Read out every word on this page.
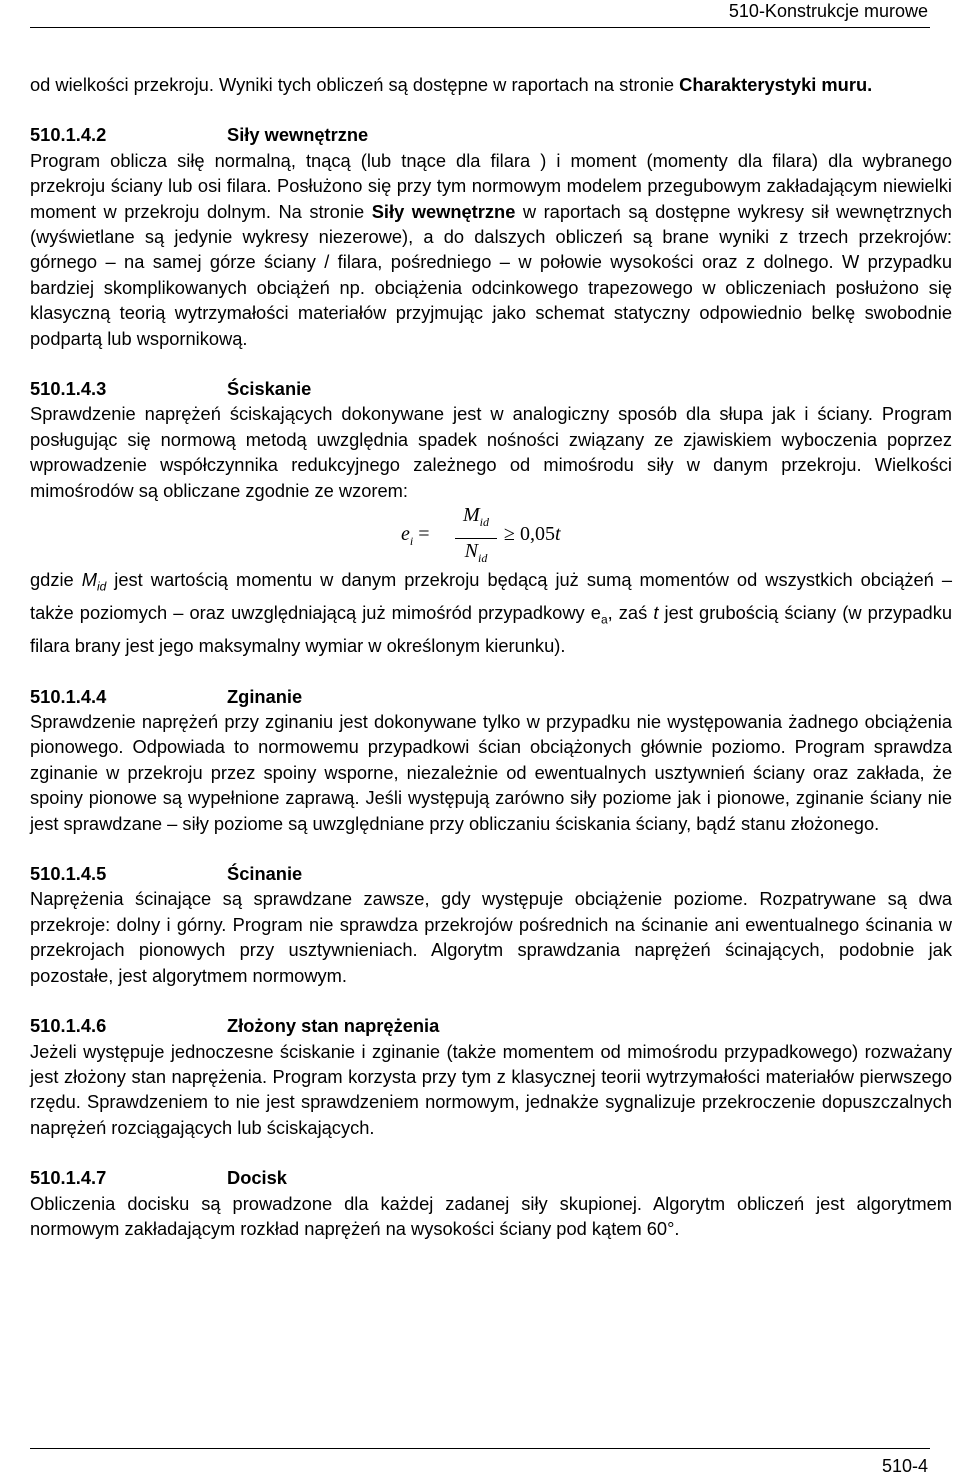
510-Konstrukcje murowe

od wielkości przekroju. Wyniki tych obliczeń są dostępne w raportach na stronie Charakterystyki muru.

510.1.4.2	Siły wewnętrzne

Program oblicza siłę normalną, tnącą (lub tnące dla filara ) i moment (momenty dla filara) dla wybranego przekroju ściany lub osi filara. Posłużono się przy tym normowym modelem przegubowym zakładającym niewielki moment w przekroju dolnym. Na stronie Siły wewnętrzne w raportach są dostępne wykresy sił wewnętrznych (wyświetlane są jedynie wykresy niezerowe), a do dalszych obliczeń są brane wyniki z trzech przekrojów: górnego – na samej górze ściany / filara, pośredniego – w połowie wysokości oraz z dolnego. W przypadku bardziej skomplikowanych obciążeń np. obciążenia odcinkowego trapezowego w obliczeniach posłużono się klasyczną teorią wytrzymałości materiałów przyjmując jako schemat statyczny odpowiednio belkę swobodnie podpartą lub wspornikową.

510.1.4.3	Ściskanie

Sprawdzenie naprężeń ściskających dokonywane jest w analogiczny sposób dla słupa jak i ściany. Program posługując się normową metodą uwzględnia spadek nośności związany ze zjawiskiem wyboczenia poprzez wprowadzenie współczynnika redukcyjnego zależnego od mimośrodu siły w danym przekroju. Wielkości mimośrodów są obliczane zgodnie ze wzorem:

$e_i$ =
$M_{id}$
$N_{id}$
≥ 0,05t

gdzie $M_{id}$ jest wartością momentu w danym przekroju będącą już sumą momentów od wszystkich obciążeń – także poziomych – oraz uwzględniającą już mimośród przypadkowy $e_a$, zaś t jest grubością ściany (w przypadku filara brany jest jego maksymalny wymiar w określonym kierunku).

510.1.4.4	Zginanie

Sprawdzenie naprężeń przy zginaniu jest dokonywane tylko w przypadku nie występowania żadnego obciążenia pionowego. Odpowiada to normowemu przypadkowi ścian obciążonych głównie poziomo. Program sprawdza zginanie w przekroju przez spoiny wsporne, niezależnie od ewentualnych usztywnień ściany oraz zakłada, że spoiny pionowe są wypełnione zaprawą. Jeśli występują zarówno siły poziome jak i pionowe, zginanie ściany nie jest sprawdzane – siły poziome są uwzględniane przy obliczaniu ściskania ściany, bądź stanu złożonego.

510.1.4.5	Ścinanie

Naprężenia ścinające są sprawdzane zawsze, gdy występuje obciążenie poziome. Rozpatrywane są dwa przekroje: dolny i górny. Program nie sprawdza przekrojów pośrednich na ścinanie ani ewentualnego ścinania w przekrojach pionowych przy usztywnieniach. Algorytm sprawdzania naprężeń ścinających, podobnie jak pozostałe, jest algorytmem normowym.

510.1.4.6	Złożony stan naprężenia

Jeżeli występuje jednoczesne ściskanie i zginanie (także momentem od mimośrodu przypadkowego) rozważany jest złożony stan naprężenia. Program korzysta przy tym z klasycznej teorii wytrzymałości materiałów pierwszego rzędu. Sprawdzeniem to nie jest sprawdzeniem normowym, jednakże sygnalizuje przekroczenie dopuszczalnych naprężeń rozciągających lub ściskających.

510.1.4.7	Docisk

Obliczenia docisku są prowadzone dla każdej zadanej siły skupionej. Algorytm obliczeń jest algorytmem normowym zakładającym rozkład naprężeń na wysokości ściany pod kątem 60°.

510-4
